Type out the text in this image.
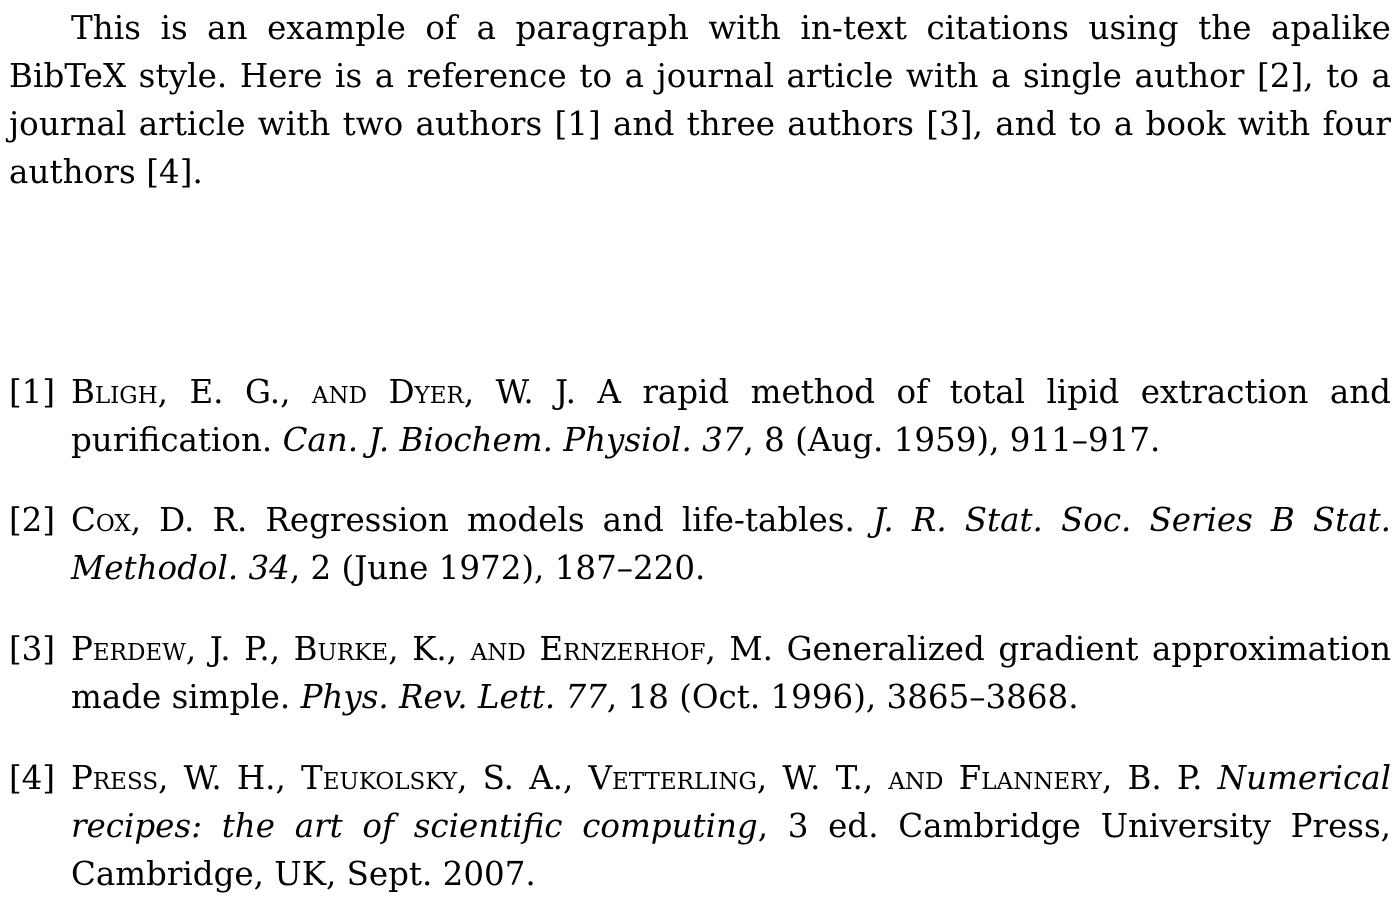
This is an example of a paragraph with in-text citations using the apalike BibTeX style. Here is a reference to a journal article with a single author [2], to a journal article with two authors [1] and three authors [3], and to a book with four authors [4].

[1] Bligh, E. G., and Dyer, W. J. A rapid method of total lipid extraction and purification. Can. J. Biochem. Physiol. 37, 8 (Aug. 1959), 911–917.
[2] Cox, D. R. Regression models and life-tables. J. R. Stat. Soc. Series B Stat. Methodol. 34, 2 (June 1972), 187–220.
[3] Perdew, J. P., Burke, K., and Ernzerhof, M. Generalized gradient approximation made simple. Phys. Rev. Lett. 77, 18 (Oct. 1996), 3865–3868.
[4] Press, W. H., Teukolsky, S. A., Vetterling, W. T., and Flannery, B. P. Numerical recipes: the art of scientific computing, 3 ed. Cambridge University Press, Cambridge, UK, Sept. 2007.
